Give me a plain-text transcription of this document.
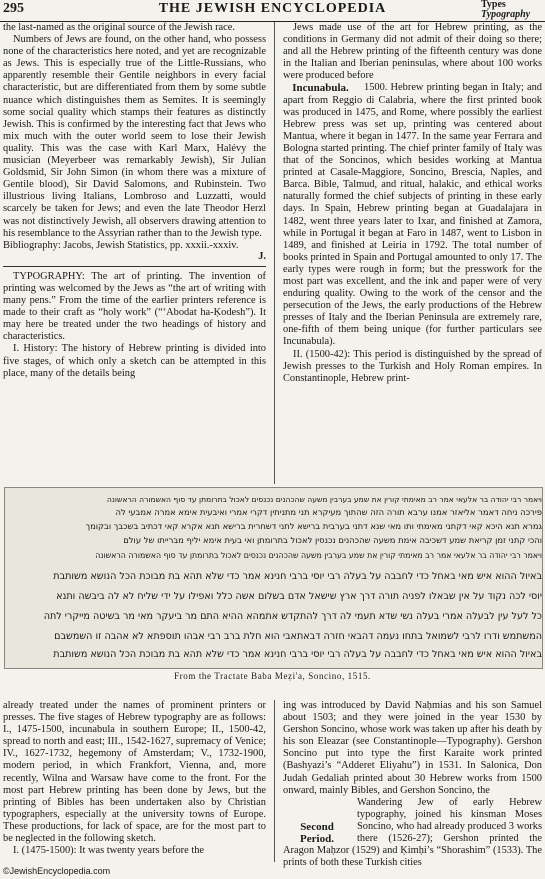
295	THE JEWISH ENCYCLOPEDIA	Types
Typography

the last-named as the original source of the Jewish race.

Numbers of Jews are found, on the other hand, who possess none of the characteristics here noted, and yet are recognizable as Jews. This is especially true of the Little-Russians, who apparently resemble their Gentile neighbors in every facial characteristic, but are differentiated from them by some subtle nuance which distinguishes them as Semites. It is seemingly some social quality which stamps their features as distinctly Jewish. This is confirmed by the interesting fact that Jews who mix much with the outer world seem to lose their Jewish quality. This was the case with Karl Marx, Halévy the musician (Meyerbeer was remarkably Jewish), Sir Julian Goldsmid, Sir John Simon (in whom there was a mixture of Gentile blood), Sir David Salomons, and Rubinstein. Two illustrious living Italians, Lombroso and Luzzatti, would scarcely be taken for Jews; and even the late Theodor Herzl was not distinctively Jewish, all observers drawing attention to his resemblance to the Assyrian rather than to the Jewish type.

Bibliography: Jacobs, Jewish Statistics, pp. xxxii.-xxxiv.

J.

TYPOGRAPHY: The art of printing. The invention of printing was welcomed by the Jews as “the art of writing with many pens.” From the time of the earlier printers reference is made to their craft as “holy work” (“‘Abodat ha-Ḳodesh”). It may here be treated under the two headings of history and characteristics.

I. History: The history of Hebrew printing is divided into five stages, of which only a sketch can be attempted in this place, many of the details being

Jews made use of the art for Hebrew printing, as the conditions in Germany did not admit of their doing so there; and all the Hebrew printing of the fifteenth century was done in the Italian and Iberian peninsulas, where about 100 works were produced before

Incunabula.	1500. Hebrew printing began in Italy; and apart from Reggio di Calabria, where the first printed book was produced in 1475, and Rome, where possibly the earliest Hebrew press was set up, printing was centered about Mantua, where it began in 1477. In the same year Ferrara and Bologna started printing. The chief printer family of Italy was that of the Soncinos, which besides working at Mantua printed at Casale-Maggiore, Soncino, Brescia, Naples, and Barca. Bible, Talmud, and ritual, halakic, and ethical works naturally formed the chief subjects of printing in these early days. In Spain, Hebrew printing began at Guadalajara in 1482, went three years later to Ixar, and finished at Zamora, while in Portugal it began at Faro in 1487, went to Lisbon in 1489, and finished at Leiria in 1792. The total number of books printed in Spain and Portugal amounted to only 17. The early types were rough in form; but the presswork for the most part was excellent, and the ink and paper were of very enduring quality. Owing to the work of the censor and the persecution of the Jews, the early productions of the Hebrew presses of Italy and the Iberian Peninsula are extremely rare, one-fifth of them being unique (for further particulars see Incunabula).

II. (1500-42): This period is distinguished by the spread of Jewish presses to the Turkish and Holy Roman empires. In Constantinople, Hebrew print-

ויאמר רבי יהודה בר אלעאי אמר רב מאימתי קורין את שמע בערבין משעה שהכהנים נכנסים לאכול בתרומתן עד סוף האשמורה הראשונה
פירכה ניחה דאמר אליאזר אמנו ערבא תורה הזה שהתוך מעיקרא תני מתניתין דקרי אמרי ואיבעית אימא אמרה אמבעי לה
גמרא תנא היכא קאי דקתני מאימתי ותו מאי שנא דתני בערבית ברישא לתני דשחרית ברישא תנא אקרא קאי דכתיב בשכבך ובקומך
והכי קתני זמן קריאת שמע דשכיבה אימת משעה שהכהנים נכנסין לאכול בתרומתן ואי בעית אימא יליף מברייתו של עולם
ויאמר רבי יהודה בר אלעאי אמר רב מאימתי קורין את שמע בערבין משעה שהכהנים נכנסים לאכול בתרומתן עד סוף האשמורה הראשונה
באיול ההוא איש מאי באחל כדי לחבבה על בעלה רבי יוסי ברבי חנינא אמר כדי שלא תהא בת מבוכת הכל הנושא משותבת
יוסי לכה נקוד על אין שבאלו לפניה תורה דרך ארץ שישאל אדם בשלום אשה כלל ואפילו על ידי שליח לא לה ביבשה ותנא
כל לעל עין לבעלה אמרי בעלה נשי שדא תעמי לה דרך להתקדש אתמהא ההיא התם מר ביעקר מאי מר בשיטה מייקרי לתה
המשתמש ודרו לרבי לשמואל בתחו נעמה דהבאי חזרה דבאתאבי הוא חלת ברב רבי אבהו תוספתא לא אהבה זו השמשבם
באיול ההוא איש מאי באחל כדי לחבבה על בעלה רבי יוסי ברבי חנינא אמר כדי שלא תהא בת מבוכת הכל הנושא משותבת
From the Tractate Baba Meẓi'a, Soncino, 1515.

already treated under the names of prominent printers or presses. The five stages of Hebrew typography are as follows: I., 1475-1500, incunabula in southern Europe; II., 1500-42, spread to north and east; III., 1542-1627, supremacy of Venice; IV., 1627-1732, hegemony of Amsterdam; V., 1732-1900, modern period, in which Frankfort, Vienna, and, more recently, Wilna and Warsaw have come to the front. For the most part Hebrew printing has been done by Jews, but the printing of Bibles has been undertaken also by Christian typographers, especially at the university towns of Europe. These productions, for lack of space, are for the most part to be neglected in the following sketch.

I. (1475-1500): It was twenty years before the

ing was introduced by David Naḥmias and his son Samuel about 1503; and they were joined in the year 1530 by Gershon Soncino, whose work was taken up after his death by his son Eleazar (see Constantinople—Typography). Gershon Soncino put into type the first Karaite work printed (Bashyazi’s “Adderet Eliyahu”) in 1531. In Salonica, Don Judah Gedaliah printed about 30 Hebrew works from 1500 onward, mainly Bibles, and Gershon Soncino, the

Second Period.

Wandering Jew of early Hebrew typography, joined his kinsman Moses Soncino, who had already produced 3 works there (1526-27); Gershon printed the Aragon Maḥzor (1529) and Ḳimḥi’s “Shorashim” (1533). The prints of both these Turkish cities

©JewishEncyclopedia.com
